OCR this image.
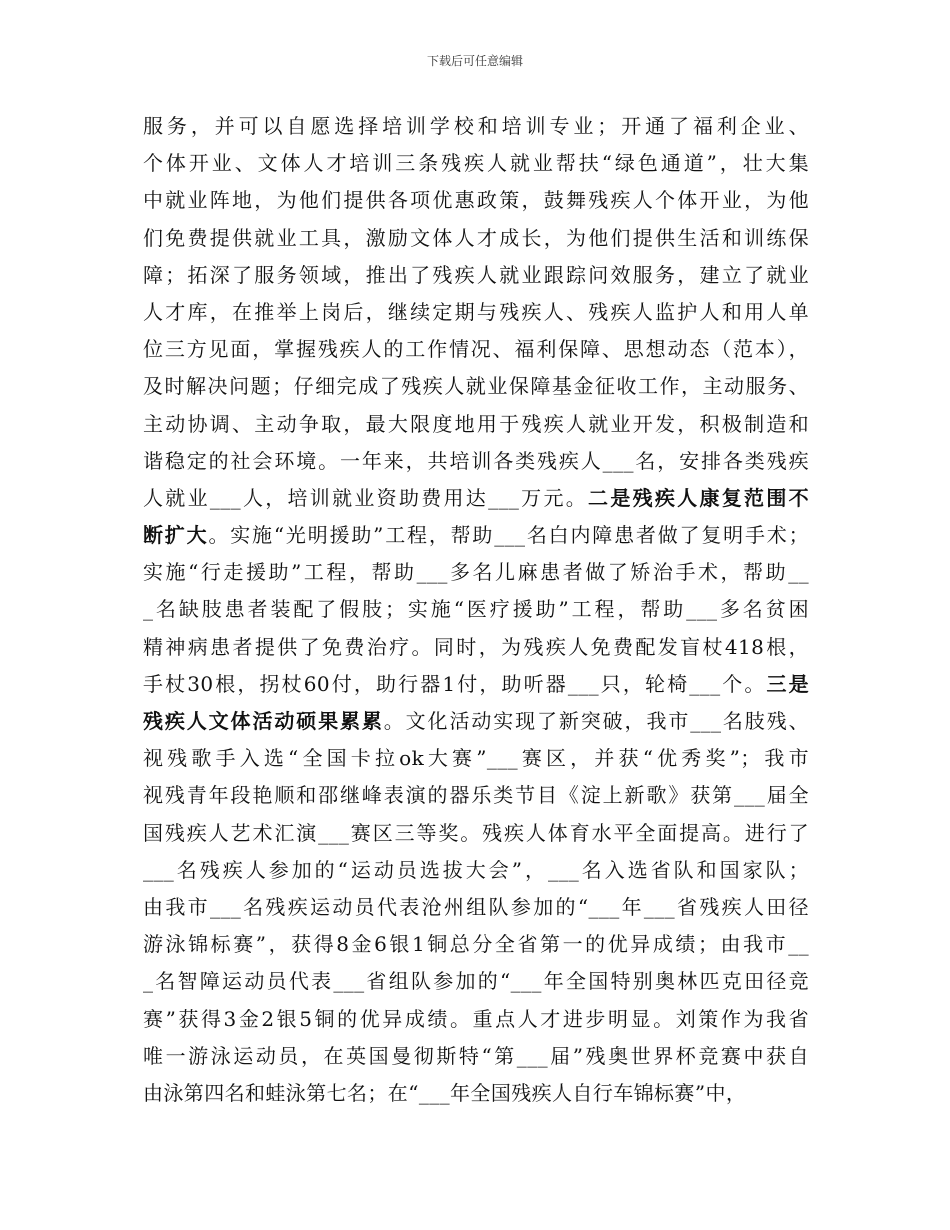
下载后可任意编辑
服务，并可以自愿选择培训学校和培训专业；开通了福利企业、
个体开业、文体人才培训三条残疾人就业帮扶“绿色通道”，壮大集
中就业阵地，为他们提供各项优惠政策，鼓舞残疾人个体开业，为他
们免费提供就业工具，激励文体人才成长，为他们提供生活和训练保
障；拓深了服务领域，推出了残疾人就业跟踪问效服务，建立了就业
人才库，在推举上岗后，继续定期与残疾人、残疾人监护人和用人单
位三方见面，掌握残疾人的工作情况、福利保障、思想动态（范本），
及时解决问题；仔细完成了残疾人就业保障基金征收工作，主动服务、
主动协调、主动争取，最大限度地用于残疾人就业开发，积极制造和
谐稳定的社会环境。一年来，共培训各类残疾人___名，安排各类残疾
人就业___人，培训就业资助费用达___万元。二是残疾人康复范围不
断扩大。实施“光明援助”工程，帮助___名白内障患者做了复明手术；
实施“行走援助”工程，帮助___多名儿麻患者做了矫治手术，帮助__
_名缺肢患者装配了假肢；实施“医疗援助”工程，帮助___多名贫困
精神病患者提供了免费治疗。同时，为残疾人免费配发盲杖418根，
手杖30根，拐杖60付，助行器1付，助听器___只，轮椅___个。三是
残疾人文体活动硕果累累。文化活动实现了新突破，我市___名肢残、
视残歌手入选“全国卡拉ok大赛”___赛区，并获“优秀奖”；我市
视残青年段艳顺和邵继峰表演的器乐类节目《淀上新歌》获第___届全
国残疾人艺术汇演___赛区三等奖。残疾人体育水平全面提高。进行了
___名残疾人参加的“运动员选拔大会”，___名入选省队和国家队；
由我市___名残疾运动员代表沧州组队参加的“___年___省残疾人田径
游泳锦标赛”，获得8金6银1铜总分全省第一的优异成绩；由我市__
_名智障运动员代表___省组队参加的“___年全国特别奥林匹克田径竞
赛”获得3金2银5铜的优异成绩。重点人才进步明显。刘策作为我省
唯一游泳运动员，在英国曼彻斯特“第___届”残奥世界杯竞赛中获自
由泳第四名和蛙泳第七名；在“___年全国残疾人自行车锦标赛”中，
